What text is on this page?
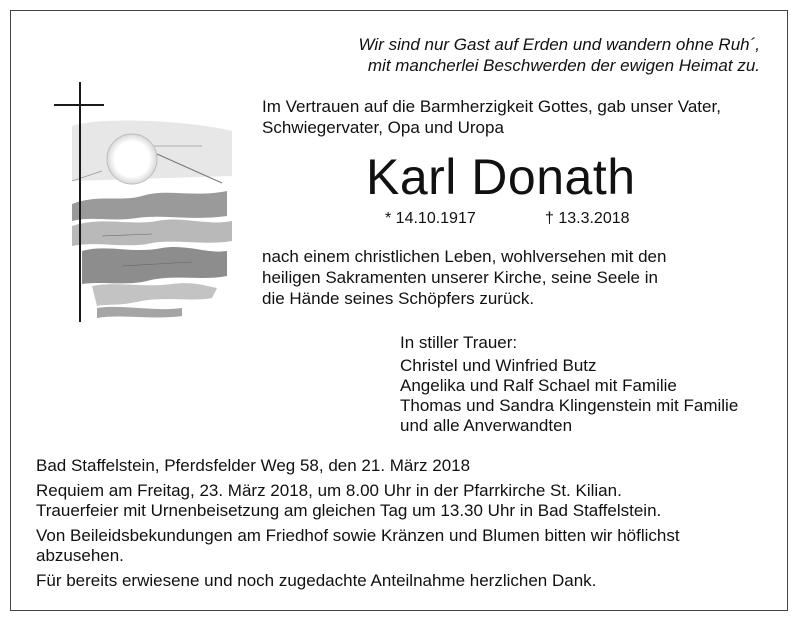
Wir sind nur Gast auf Erden und wandern ohne Ruh´,
mit mancherlei Beschwerden der ewigen Heimat zu.
Im Vertrauen auf die Barmherzigkeit Gottes, gab unser Vater,
Schwiegervater, Opa und Uropa
Karl Donath
* 14.10.1917	† 13.3.2018
nach einem christlichen Leben, wohlversehen mit den
heiligen Sakramenten unserer Kirche, seine Seele in
die Hände seines Schöpfers zurück.
In stiller Trauer:
Christel und Winfried Butz
Angelika und Ralf Schael mit Familie
Thomas und Sandra Klingenstein mit Familie
und alle Anverwandten
Bad Staffelstein, Pferdsfelder Weg 58, den 21. März 2018
Requiem am Freitag, 23. März 2018, um 8.00 Uhr in der Pfarrkirche St. Kilian.
Trauerfeier mit Urnenbeisetzung am gleichen Tag um 13.30 Uhr in Bad Staffelstein.
Von Beileidsbekundungen am Friedhof sowie Kränzen und Blumen bitten wir höflichst
abzusehen.
Für bereits erwiesene und noch zugedachte Anteilnahme herzlichen Dank.
